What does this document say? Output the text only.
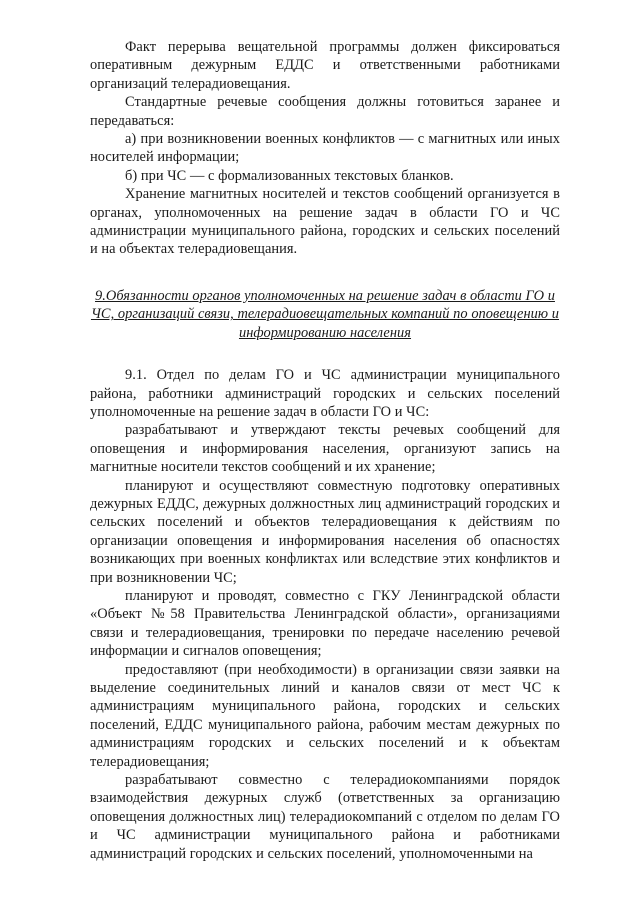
Факт перерыва вещательной программы должен фиксироваться оперативным дежурным ЕДДС и ответственными работниками организаций телерадиовещания.

Стандартные речевые сообщения должны готовиться заранее и передаваться:

а) при возникновении военных конфликтов — с магнитных или иных носителей информации;

б) при ЧС — с формализованных текстовых бланков.

Хранение магнитных носителей и текстов сообщений организуется в органах, уполномоченных на решение задач в области ГО и ЧС администрации муниципального района, городских и сельских поселений и на объектах телерадиовещания.

9.Обязанности органов уполномоченных на решение задач в области ГО и
ЧС, организаций связи, телерадиовещательных компаний по оповещению и
информированию населения

9.1. Отдел по делам ГО и ЧС администрации муниципального района, работники администраций городских и сельских поселений уполномоченные на решение задач в области ГО и ЧС:

разрабатывают и утверждают тексты речевых сообщений для оповещения и информирования населения, организуют запись на магнитные носители текстов сообщений и их хранение;

планируют и осуществляют совместную подготовку оперативных дежурных ЕДДС, дежурных должностных лиц администраций городских и сельских поселений и объектов телерадиовещания к действиям по организации оповещения и информирования населения об опасностях возникающих при военных конфликтах или вследствие этих конфликтов и при возникновении ЧС;

планируют и проводят, совместно с ГКУ Ленинградской области «Объект №58 Правительства Ленинградской области», организациями связи и телерадиовещания, тренировки по передаче населению речевой информации и сигналов оповещения;

предоставляют (при необходимости) в организации связи заявки на выделение соединительных линий и каналов связи от мест ЧС к администрациям муниципального района, городских и сельских поселений, ЕДДС муниципального района, рабочим местам дежурных по администрациям городских и сельских поселений и к объектам телерадиовещания;

разрабатывают совместно с телерадиокомпаниями порядок взаимодействия дежурных служб (ответственных за организацию оповещения должностных лиц) телерадиокомпаний с отделом по делам ГО и ЧС администрации муниципального района и работниками администраций городских и сельских поселений, уполномоченными на
